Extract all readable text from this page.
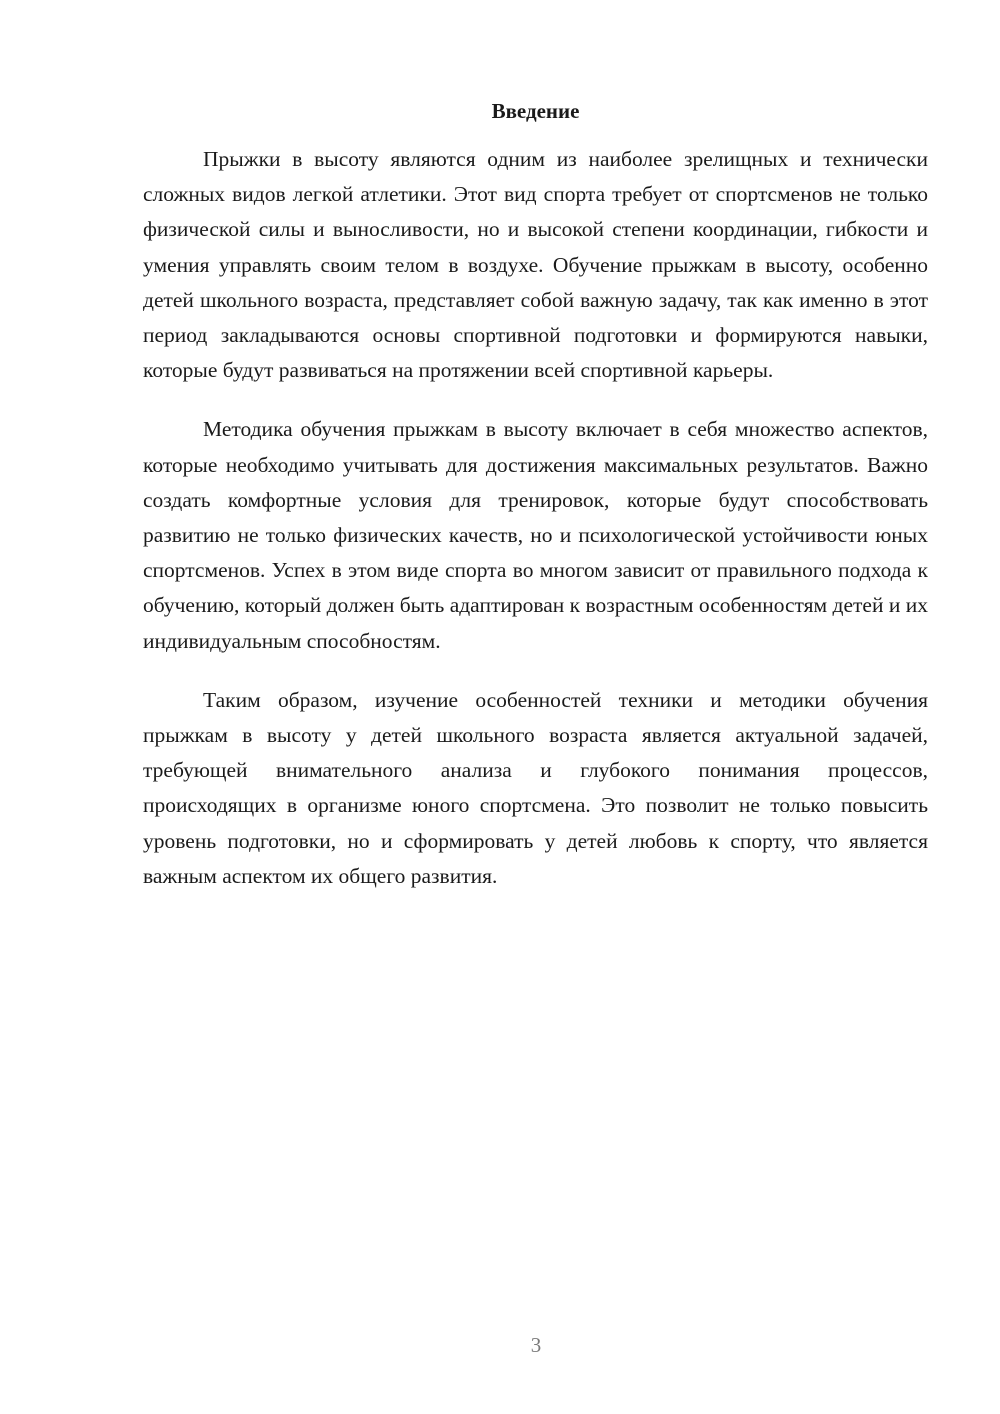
Введение

Прыжки в высоту являются одним из наиболее зрелищных и технически сложных видов легкой атлетики. Этот вид спорта требует от спортсменов не только физической силы и выносливости, но и высокой степени координации, гибкости и умения управлять своим телом в воздухе. Обучение прыжкам в высоту, особенно детей школьного возраста, представляет собой важную задачу, так как именно в этот период закладываются основы спортивной подготовки и формируются навыки, которые будут развиваться на протяжении всей спортивной карьеры.

Методика обучения прыжкам в высоту включает в себя множество аспектов, которые необходимо учитывать для достижения максимальных результатов. Важно создать комфортные условия для тренировок, которые будут способствовать развитию не только физических качеств, но и психологической устойчивости юных спортсменов. Успех в этом виде спорта во многом зависит от правильного подхода к обучению, который должен быть адаптирован к возрастным особенностям детей и их индивидуальным способностям.

Таким образом, изучение особенностей техники и методики обучения прыжкам в высоту у детей школьного возраста является актуальной задачей, требующей внимательного анализа и глубокого понимания процессов, происходящих в организме юного спортсмена. Это позволит не только повысить уровень подготовки, но и сформировать у детей любовь к спорту, что является важным аспектом их общего развития.

3
